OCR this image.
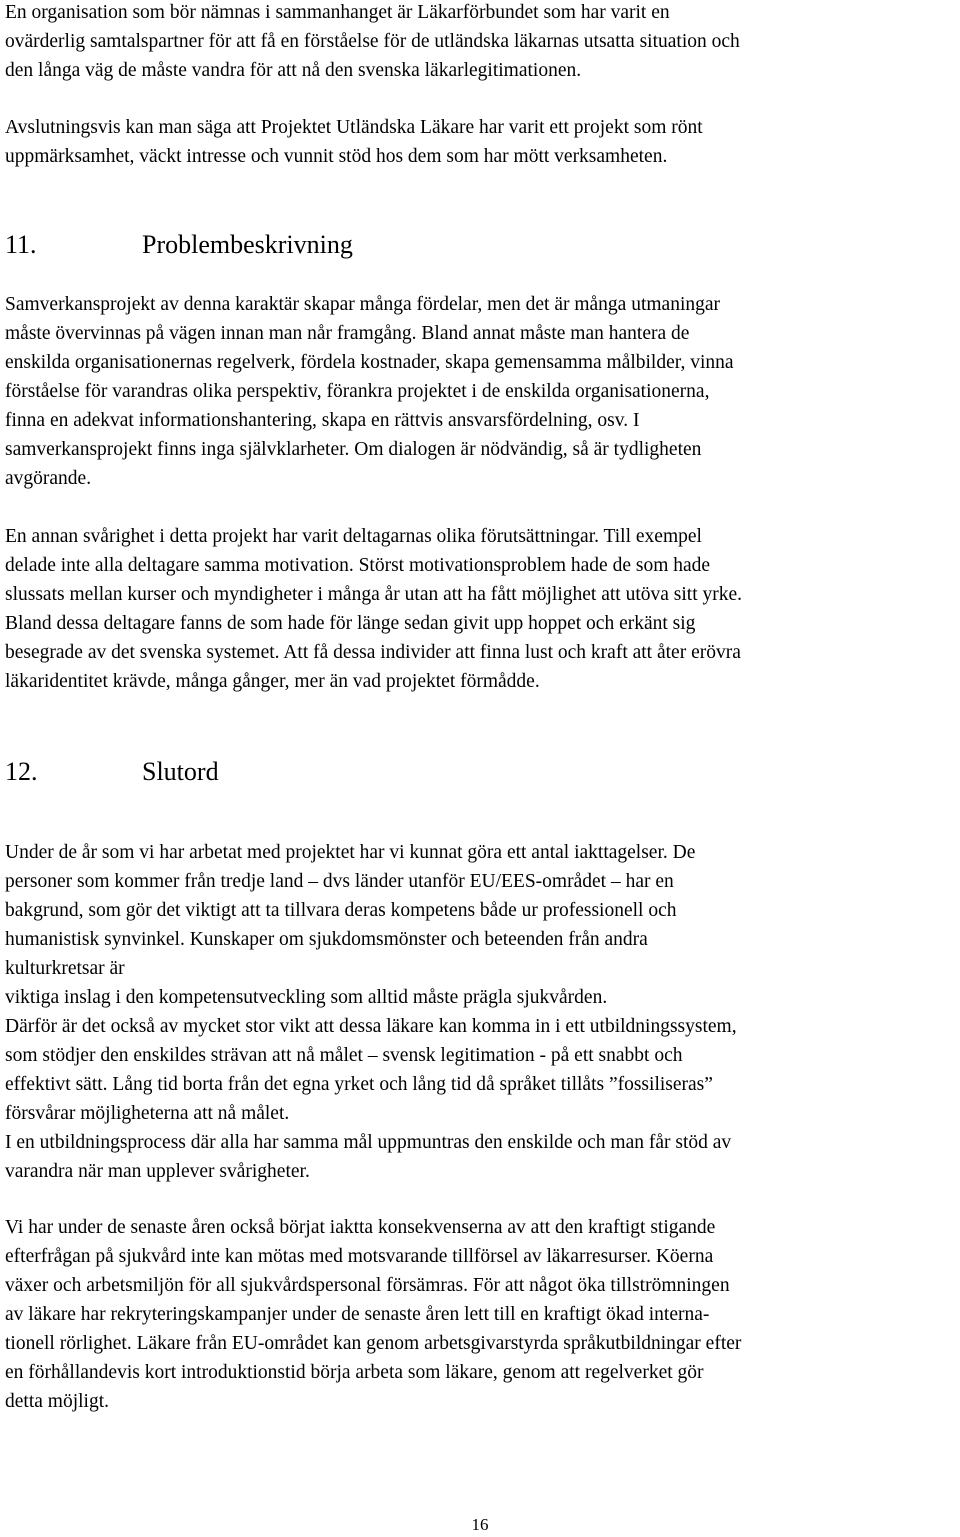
En organisation som bör nämnas i sammanhanget är Läkarförbundet som har varit en
ovärderlig samtalspartner för att få en förståelse för de utländska läkarnas utsatta situation och
den långa väg de måste vandra för att nå den svenska läkarlegitimationen.

Avslutningsvis kan man säga att Projektet Utländska Läkare har varit ett projekt som rönt
uppmärksamhet, väckt intresse och vunnit stöd hos dem som har mött verksamheten.

11.	Problembeskrivning

Samverkansprojekt av denna karaktär skapar många fördelar, men det är många utmaningar
måste övervinnas på vägen innan man når framgång. Bland annat måste man hantera de
enskilda organisationernas regelverk, fördela kostnader, skapa gemensamma målbilder, vinna
förståelse för varandras olika perspektiv, förankra projektet i de enskilda organisationerna,
finna en adekvat informationshantering, skapa en rättvis ansvarsfördelning, osv. I
samverkansprojekt finns inga självklarheter. Om dialogen är nödvändig, så är tydligheten
avgörande.

En annan svårighet i detta projekt har varit deltagarnas olika förutsättningar. Till exempel
delade inte alla deltagare samma motivation. Störst motivationsproblem hade de som hade
slussats mellan kurser och myndigheter i många år utan att ha fått möjlighet att utöva sitt yrke.
Bland dessa deltagare fanns de som hade för länge sedan givit upp hoppet och erkänt sig
besegrade av det svenska systemet. Att få dessa individer att finna lust och kraft att åter erövra
läkaridentitet krävde, många gånger, mer än vad projektet förmådde.

12.	Slutord

Under de år som vi har arbetat med projektet har vi kunnat göra ett antal iakttagelser. De
personer som kommer från tredje land – dvs länder utanför EU/EES-området – har en
bakgrund, som gör det viktigt att ta tillvara deras kompetens både ur professionell och
humanistisk synvinkel. Kunskaper om sjukdomsmönster och beteenden från andra
kulturkretsar är
viktiga inslag i den kompetensutveckling som alltid måste prägla sjukvården.
Därför är det också av mycket stor vikt att dessa läkare kan komma in i ett utbildningssystem,
som stödjer den enskildes strävan att nå målet – svensk legitimation - på ett snabbt och
effektivt sätt. Lång tid borta från det egna yrket och lång tid då språket tillåts ”fossiliseras”
försvårar möjligheterna att nå målet.
I en utbildningsprocess där alla har samma mål uppmuntras den enskilde och man får stöd av
varandra när man upplever svårigheter.

Vi har under de senaste åren också börjat iaktta konsekvenserna av att den kraftigt stigande
efterfrågan på sjukvård inte kan mötas med motsvarande tillförsel av läkarresurser. Köerna
växer och arbetsmiljön för all sjukvårdspersonal försämras. För att något öka tillströmningen
av läkare har rekryteringskampanjer under de senaste åren lett till en kraftigt ökad interna-
tionell rörlighet. Läkare från EU-området kan genom arbetsgivarstyrda språkutbildningar efter
en förhållandevis kort introduktionstid börja arbeta som läkare, genom att regelverket gör
detta möjligt.

16
